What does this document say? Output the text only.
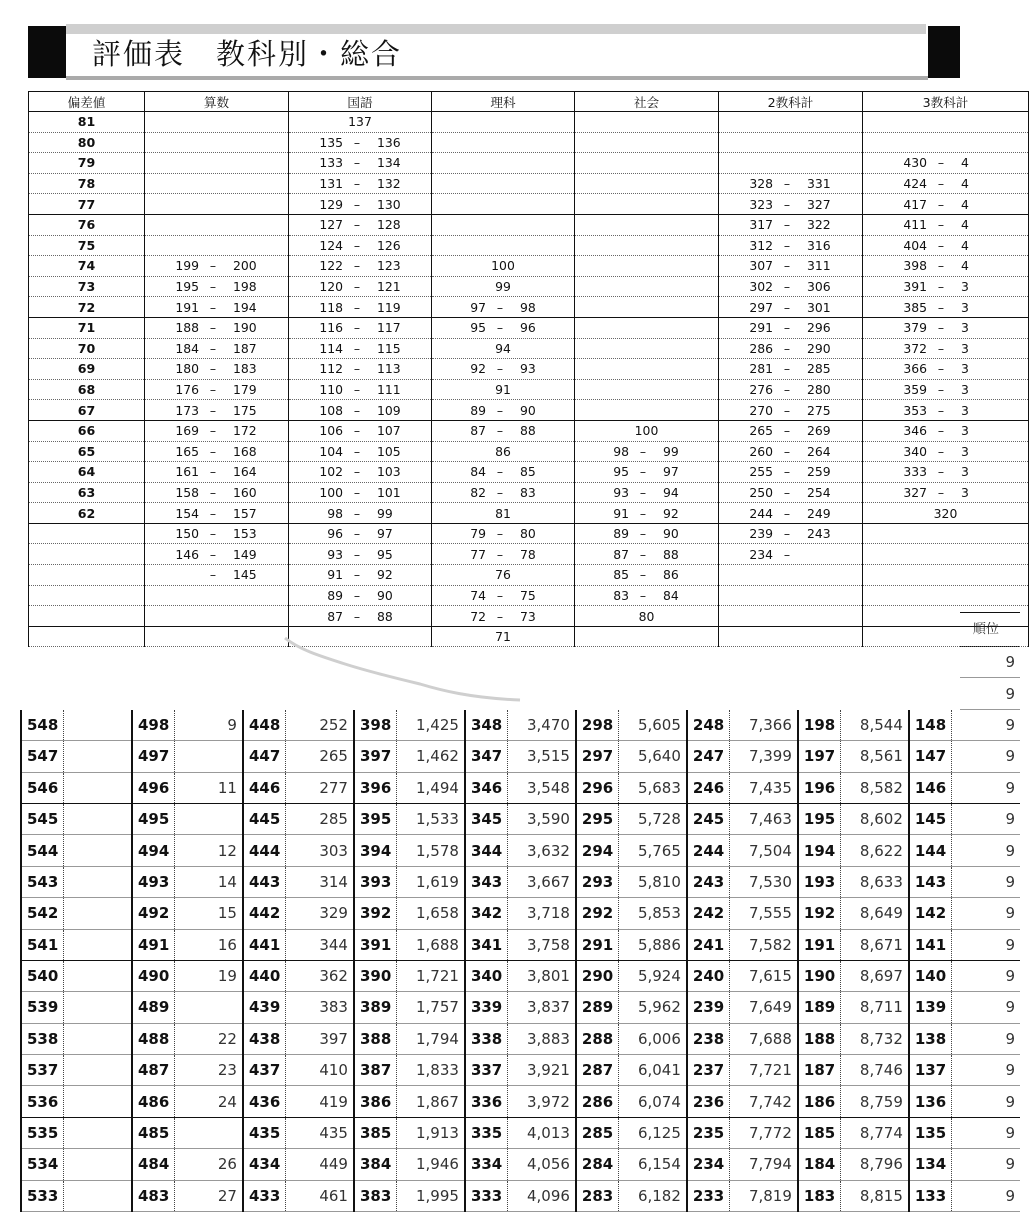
																	順位
																	9
																	9
548		498	9	448	252	398	1,425	348	3,470	298	5,605	248	7,366	198	8,544	148	9
547		497		447	265	397	1,462	347	3,515	297	5,640	247	7,399	197	8,561	147	9
546		496	11	446	277	396	1,494	346	3,548	296	5,683	246	7,435	196	8,582	146	9
545		495		445	285	395	1,533	345	3,590	295	5,728	245	7,463	195	8,602	145	9
544		494	12	444	303	394	1,578	344	3,632	294	5,765	244	7,504	194	8,622	144	9
543		493	14	443	314	393	1,619	343	3,667	293	5,810	243	7,530	193	8,633	143	9
542		492	15	442	329	392	1,658	342	3,718	292	5,853	242	7,555	192	8,649	142	9
541		491	16	441	344	391	1,688	341	3,758	291	5,886	241	7,582	191	8,671	141	9
540		490	19	440	362	390	1,721	340	3,801	290	5,924	240	7,615	190	8,697	140	9
539		489		439	383	389	1,757	339	3,837	289	5,962	239	7,649	189	8,711	139	9
538		488	22	438	397	388	1,794	338	3,883	288	6,006	238	7,688	188	8,732	138	9
537		487	23	437	410	387	1,833	337	3,921	287	6,041	237	7,721	187	8,746	137	9
536		486	24	436	419	386	1,867	336	3,972	286	6,074	236	7,742	186	8,759	136	9
535		485		435	435	385	1,913	335	4,013	285	6,125	235	7,772	185	8,774	135	9
534		484	26	434	449	384	1,946	334	4,056	284	6,154	234	7,794	184	8,796	134	9
533		483	27	433	461	383	1,995	333	4,096	283	6,182	233	7,819	183	8,815	133	9
評価表　教科別・総合
偏差値	算数	国語	理科	社会	2教科計	3教科計
81		137				

80		135 – 136				

79		133 – 134				430 – 4

78		131 – 132			328 – 331	424 – 4

77		129 – 130			323 – 327	417 – 4

76		127 – 128			317 – 322	411 – 4

75		124 – 126			312 – 316	404 – 4

74	199 – 200	122 – 123	100		307 – 311	398 – 4

73	195 – 198	120 – 121	99		302 – 306	391 – 3

72	191 – 194	118 – 119	97 – 98		297 – 301	385 – 3

71	188 – 190	116 – 117	95 – 96		291 – 296	379 – 3

70	184 – 187	114 – 115	94		286 – 290	372 – 3

69	180 – 183	112 – 113	92 – 93		281 – 285	366 – 3

68	176 – 179	110 – 111	91		276 – 280	359 – 3

67	173 – 175	108 – 109	89 – 90		270 – 275	353 – 3

66	169 – 172	106 – 107	87 – 88	100	265 – 269	346 – 3

65	165 – 168	104 – 105	86	98 – 99	260 – 264	340 – 3

64	161 – 164	102 – 103	84 – 85	95 – 97	255 – 259	333 – 3

63	158 – 160	100 – 101	82 – 83	93 – 94	250 – 254	327 – 3

62	154 – 157	98 – 99	81	91 – 92	244 – 249	320

	150 – 153	96 – 97	79 – 80	89 – 90	239 – 243	

	146 – 149	93 – 95	77 – 78	87 – 88	234 –	

	– 145	91 – 92	76	85 – 86		

		89 – 90	74 – 75	83 – 84		

		87 – 88	72 – 73	80		

			71			
